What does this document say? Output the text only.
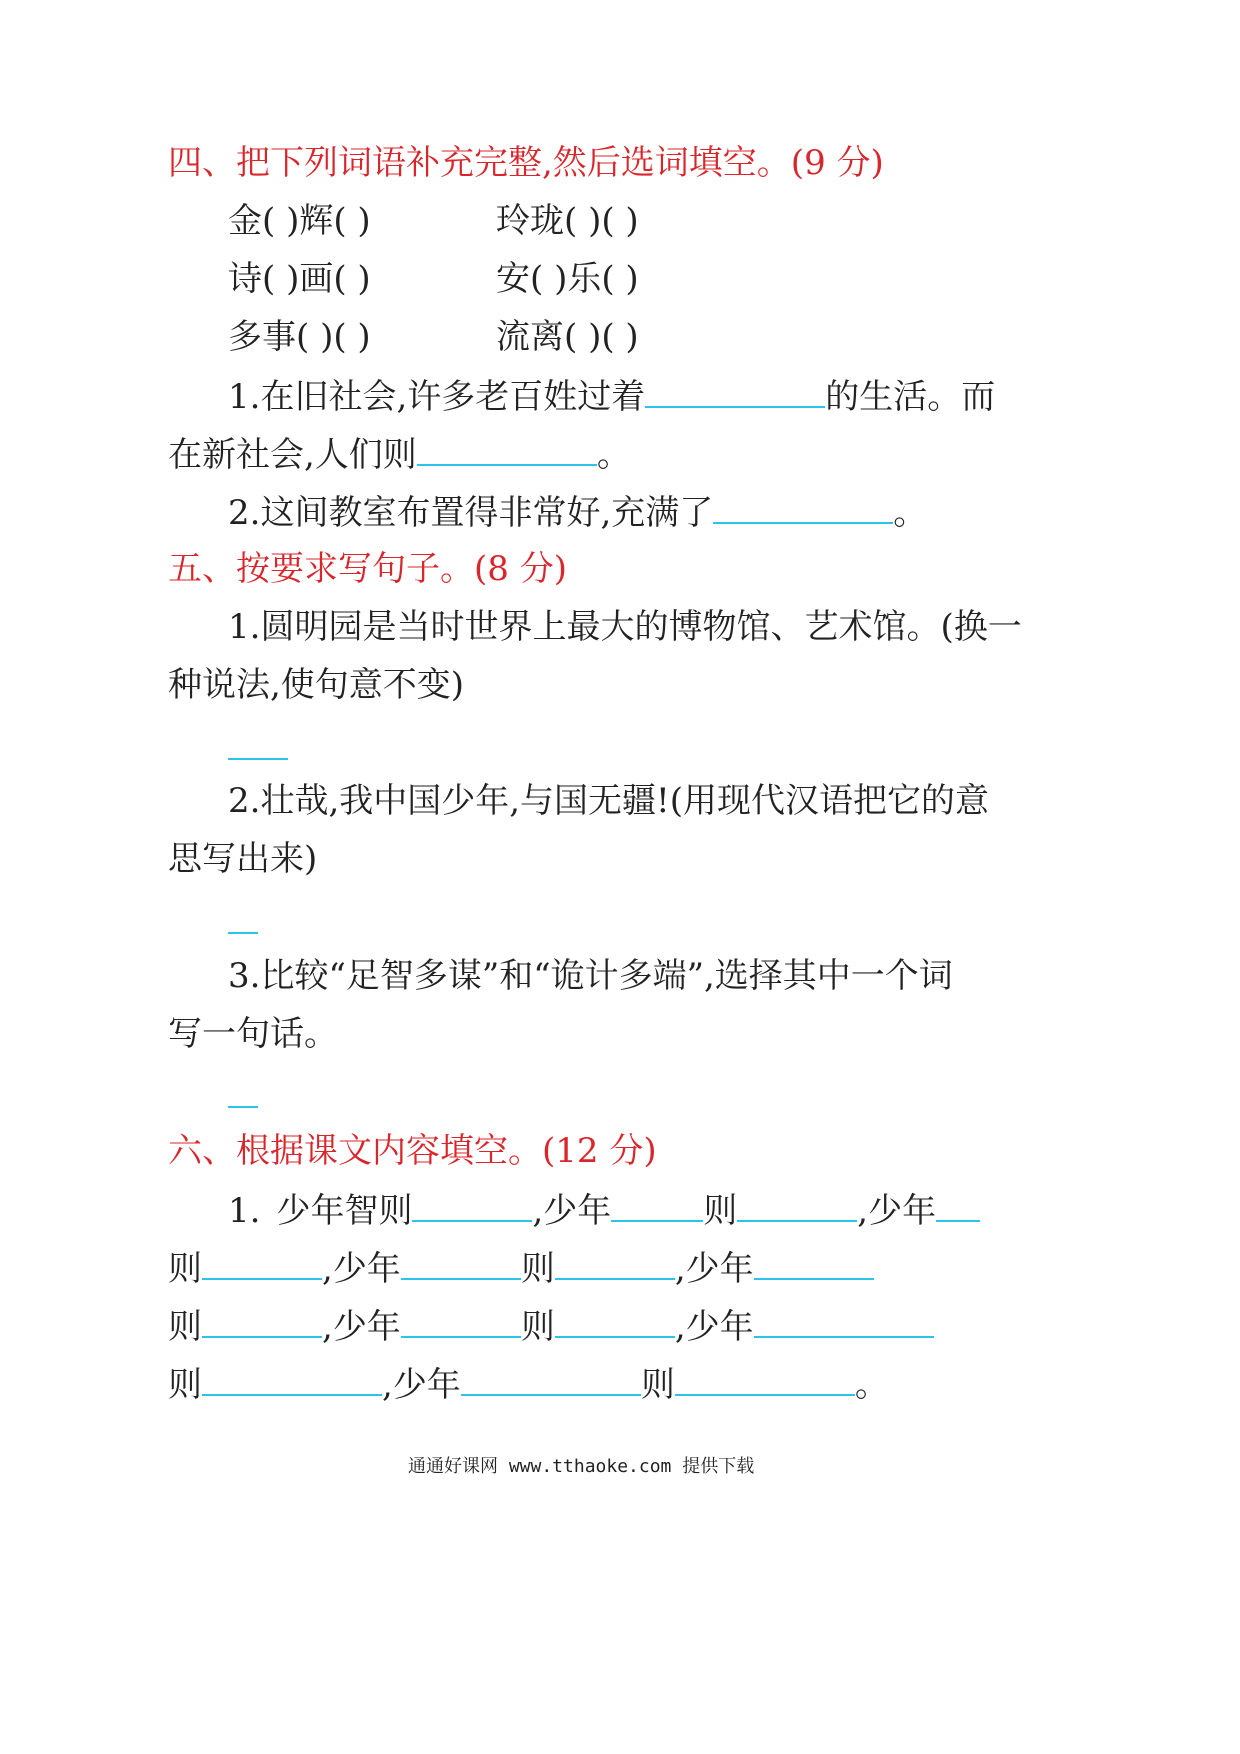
四、把下列词语补充完整,然后选词填空。(9 分)
金( )辉( )	玲珑( )( )
诗( )画( )	安( )乐( )
多事( )( )	流离( )( )
1.在旧社会,许多老百姓过着	的生活。而
在新社会,人们则	。
2.这间教室布置得非常好,充满了	。
五、按要求写句子。(8 分)
1.圆明园是当时世界上最大的博物馆、艺术馆。(换一
种说法,使句意不变)
2.壮哉,我中国少年,与国无疆!(用现代汉语把它的意
思写出来)
3.比较“足智多谋”和“诡计多端”,选择其中一个词
写一句话。
六、根据课文内容填空。(12 分)
1. 少年智则	,少年	则	,少年
则	,少年	则	,少年
则	,少年	则	,少年
则	,少年	则	。
通通好课网 www.tthaoke.com 提供下载
